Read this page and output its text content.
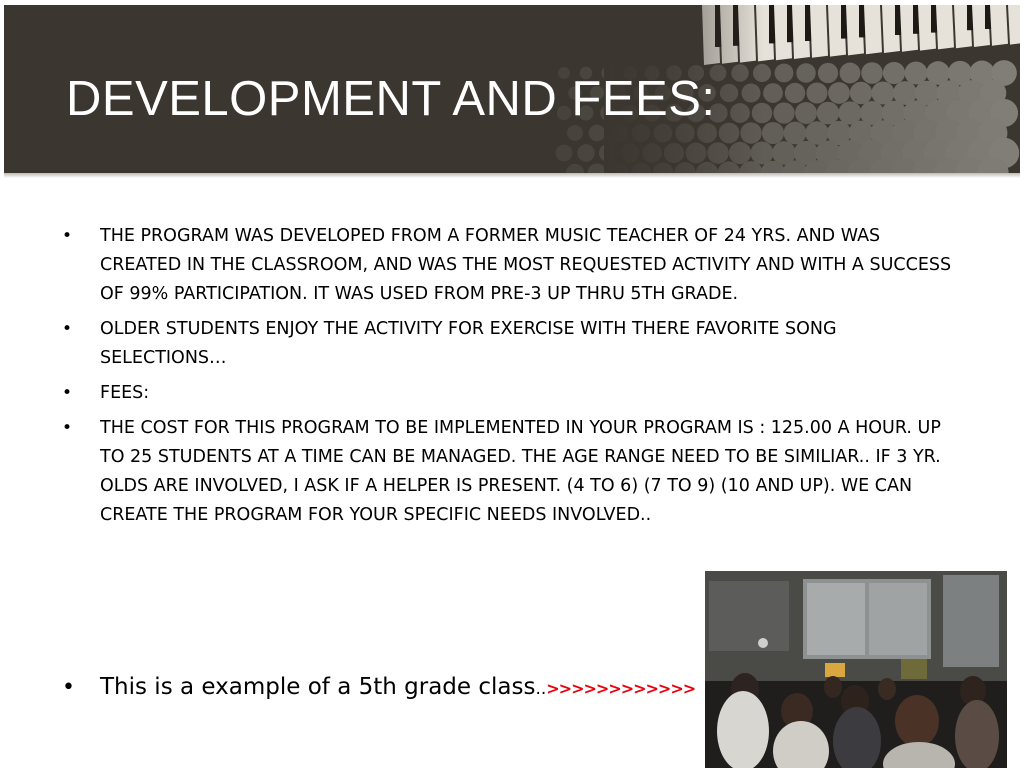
DEVELOPMENT AND FEES:
• THE PROGRAM WAS DEVELOPED FROM A FORMER MUSIC TEACHER OF 24 YRS. AND WAS CREATED IN THE CLASSROOM, AND WAS THE MOST REQUESTED ACTIVITY AND WITH A SUCCESS OF 99% PARTICIPATION. IT WAS USED FROM PRE-3 UP THRU 5TH GRADE.
• OLDER STUDENTS ENJOY THE ACTIVITY FOR EXERCISE WITH THERE FAVORITE SONG SELECTIONS…
• FEES:
• THE COST FOR THIS PROGRAM TO BE IMPLEMENTED IN YOUR PROGRAM IS : 125.00 A HOUR. UP TO 25 STUDENTS AT A TIME CAN BE MANAGED. THE AGE RANGE NEED TO BE SIMILIAR.. IF 3 YR. OLDS ARE INVOLVED, I ASK IF A HELPER IS PRESENT. (4 TO 6) (7 TO 9) (10 AND UP). WE CAN CREATE THE PROGRAM FOR YOUR SPECIFIC NEEDS INVOLVED..
• This is a example of a 5th grade class..>>>>>>>>>>>>
